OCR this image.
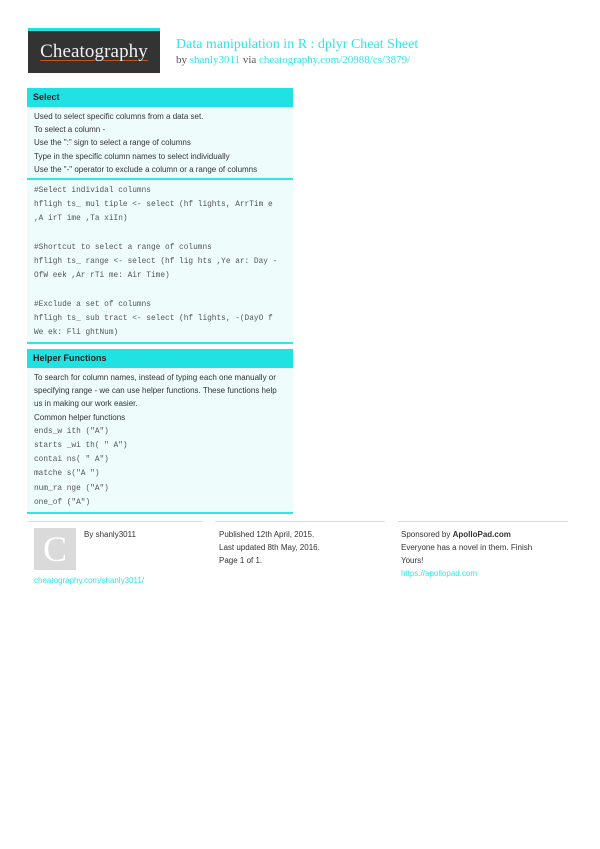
Cheatography Data manipulation in R : dplyr Cheat Sheet
by shanly3011 via cheatography.com/20988/cs/3879/
Select
Used to select specific columns from a data set.
To select a column -
Use the ":" sign to select a range of columns
Type in the specific column names to select individually
Use the "-" operator to exclude a column or a range of columns
#Select individal columns
hfligh ts_ mul tiple <- select (hf lights, ArrTim e
,A irT ime ,Ta xiIn)

#Shortcut to select a range of columns
hfligh ts_ range <- select (hf lig hts ,Ye ar: Day -
OfW eek ,Ar rTi me: Air Time)

#Exclude a set of columns
hfligh ts_ sub tract <- select (hf lights, -(DayO f
We ek: Fli ghtNum)
Helper Functions
To search for column names, instead of typing each one manually or
specifying range - we can use helper functions. These functions help
us in making our work easier.
Common helper functions
ends_w ith ("A")
starts _wi th( " A")
contai ns( " A")
matche s("A ")
num_ra nge ("A")
one_of ("A")
C	By shanly3011
cheatography.com/shanly3011/
Published 12th April, 2015.
Last updated 8th May, 2016.
Page 1 of 1.
Sponsored by ApolloPad.com
Everyone has a novel in them. Finish
Yours!
https://apollopad.com
